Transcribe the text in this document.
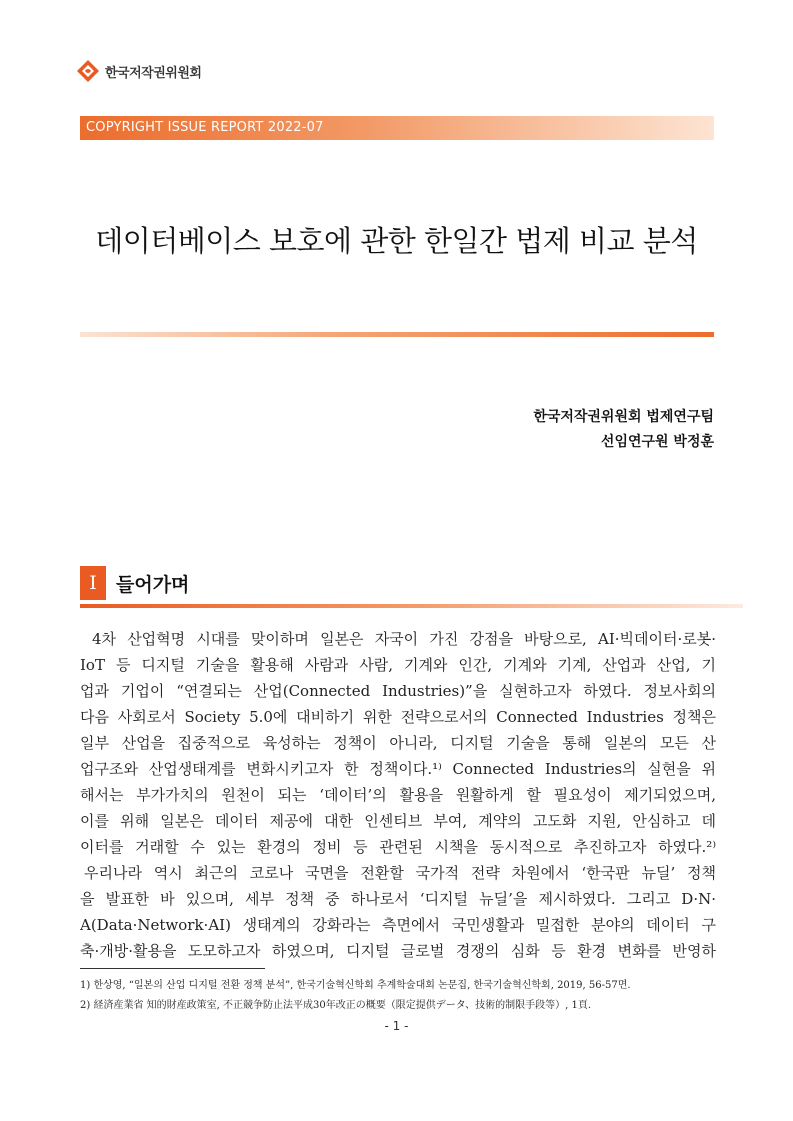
한국저작권위원회
COPYRIGHT ISSUE REPORT 2022-07
데이터베이스 보호에 관한 한일간 법제 비교 분석
한국저작권위원회 법제연구팀
선임연구원 박정훈
I	들어가며
4차 산업혁명 시대를 맞이하며 일본은 자국이 가진 강점을 바탕으로, AI·빅데이터·로봇·
IoT 등 디지털 기술을 활용해 사람과 사람, 기계와 인간, 기계와 기계, 산업과 산업, 기
업과 기업이 “연결되는 산업(Connected Industries)”을 실현하고자 하였다. 정보사회의
다음 사회로서 Society 5.0에 대비하기 위한 전략으로서의 Connected Industries 정책은
일부 산업을 집중적으로 육성하는 정책이 아니라, 디지털 기술을 통해 일본의 모든 산
업구조와 산업생태계를 변화시키고자 한 정책이다.¹⁾ Connected Industries의 실현을 위
해서는 부가가치의 원천이 되는 ‘데이터’의 활용을 원활하게 할 필요성이 제기되었으며,
이를 위해 일본은 데이터 제공에 대한 인센티브 부여, 계약의 고도화 지원, 안심하고 데
이터를 거래할 수 있는 환경의 정비 등 관련된 시책을 동시적으로 추진하고자 하였다.²⁾
우리나라 역시 최근의 코로나 국면을 전환할 국가적 전략 차원에서 ‘한국판 뉴딜’ 정책
을 발표한 바 있으며, 세부 정책 중 하나로서 ‘디지털 뉴딜’을 제시하였다. 그리고 D·N·
A(Data·Network·AI) 생태계의 강화라는 측면에서 국민생활과 밀접한 분야의 데이터 구
축·개방·활용을 도모하고자 하였으며, 디지털 글로벌 경쟁의 심화 등 환경 변화를 반영하
1) 한상영, “일본의 산업 디지털 전환 정책 분석”, 한국기술혁신학회 추계학술대회 논문집, 한국기술혁신학회, 2019, 56-57면.
2) 経済産業省 知的財産政策室, 不正競争防止法平成30年改正の概要（限定提供データ、技術的制限手段等）, 1頁.
- 1 -
